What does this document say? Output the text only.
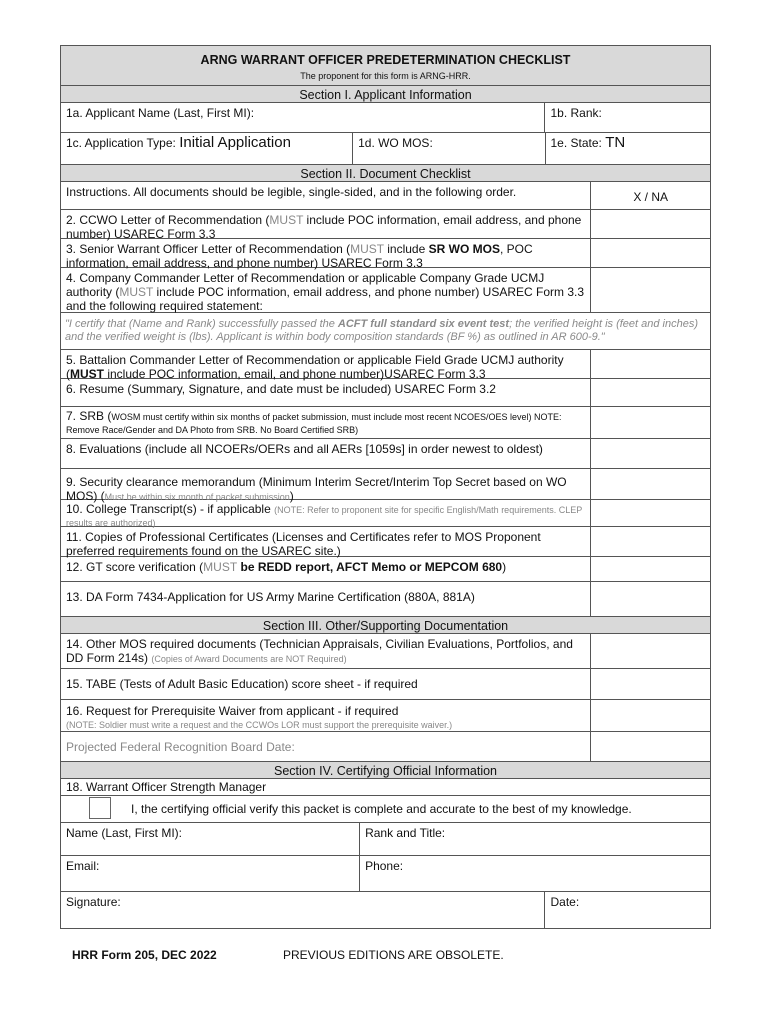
ARNG WARRANT OFFICER PREDETERMINATION CHECKLIST
The proponent for this form is ARNG-HRR.
Section I. Applicant Information
1a. Applicant Name (Last, First MI):	1b. Rank:
1c. Application Type: Initial Application	1d. WO MOS:	1e. State: TN
Section II. Document Checklist
Instructions. All documents should be legible, single-sided, and in the following order.	X / NA
2. CCWO Letter of Recommendation (MUST include POC information, email address, and phone number) USAREC Form 3.3
3. Senior Warrant Officer Letter of Recommendation (MUST include SR WO MOS, POC information, email address, and phone number) USAREC Form 3.3
4. Company Commander Letter of Recommendation or applicable Company Grade UCMJ authority (MUST include POC information, email address, and phone number) USAREC Form 3.3 and the following required statement:
"I certify that (Name and Rank) successfully passed the ACFT full standard six event test; the verified height is (feet and inches) and the verified weight is (lbs). Applicant is within body composition standards (BF %) as outlined in AR 600-9."
5. Battalion Commander Letter of Recommendation or applicable Field Grade UCMJ authority (MUST include POC information, email, and phone number)USAREC Form 3.3
6. Resume (Summary, Signature, and date must be included) USAREC Form 3.2
7. SRB (WOSM must certify within six months of packet submission, must include most recent NCOES/OES level) NOTE: Remove Race/Gender and DA Photo from SRB. No Board Certified SRB)
8. Evaluations (include all NCOERs/OERs and all AERs [1059s] in order newest to oldest)
9. Security clearance memorandum (Minimum Interim Secret/Interim Top Secret based on WO MOS) (Must be within six month of packet submission)
10. College Transcript(s) - if applicable (NOTE: Refer to proponent site for specific English/Math requirements. CLEP results are authorized)
11. Copies of Professional Certificates (Licenses and Certificates refer to MOS Proponent preferred requirements found on the USAREC site.)
12. GT score verification (MUST be REDD report, AFCT Memo or MEPCOM 680)
13. DA Form 7434-Application for US Army Marine Certification (880A, 881A)
Section III. Other/Supporting Documentation
14. Other MOS required documents (Technician Appraisals, Civilian Evaluations, Portfolios, and DD Form 214s) (Copies of Award Documents are NOT Required)
15. TABE (Tests of Adult Basic Education) score sheet - if required
16. Request for Prerequisite Waiver from applicant - if required
(NOTE: Soldier must write a request and the CCWOs LOR must support the prerequisite waiver.)
Projected Federal Recognition Board Date:
Section IV. Certifying Official Information
18. Warrant Officer Strength Manager
I, the certifying official verify this packet is complete and accurate to the best of my knowledge.
Name (Last, First MI):	Rank and Title:
Email:	Phone:
Signature:	Date:
HRR Form 205, DEC 2022	PREVIOUS EDITIONS ARE OBSOLETE.
